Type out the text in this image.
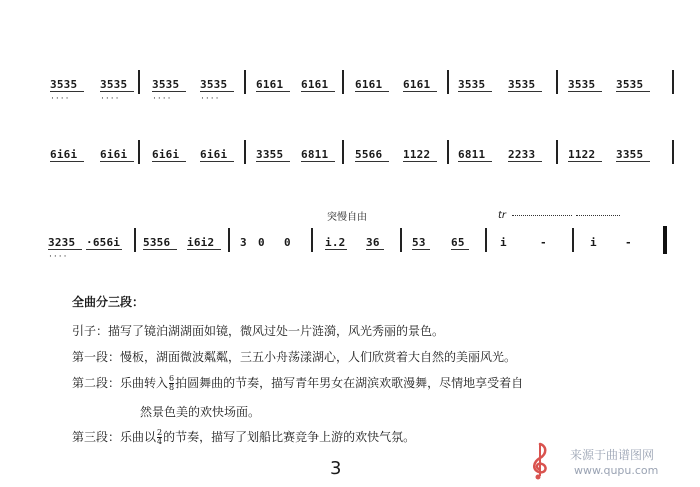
3535 3535 3535 3535	6161 6161 6161 6161	3535 3535	3535 3535
····	····	····	····
6i6i 6i6i 6i6i 6i6i	3355 6811 5566 1122	6811 2233	1122 3355
3235 ·656i 5356 i6i2 3 0 0	i.2 36	53 65	i	-	i	-
····
突慢自由	tr
全曲分三段：
引子：描写了镜泊湖湖面如镜，微风过处一片涟漪，风光秀丽的景色。
第一段：慢板，湖面微波粼粼，三五小舟荡漾湖心，人们欣赏着大自然的美丽风光。
第二段：乐曲转入 $\frac{6}{8}$ 拍圆舞曲的节奏，描写青年男女在湖滨欢歌漫舞，尽情地享受着自
然景色美的欢快场面。
第三段：乐曲以 $\frac{2}{4}$ 的节奏，描写了划船比赛竞争上游的欢快气氛。
3
来源于曲谱图网
www.qupu.com
